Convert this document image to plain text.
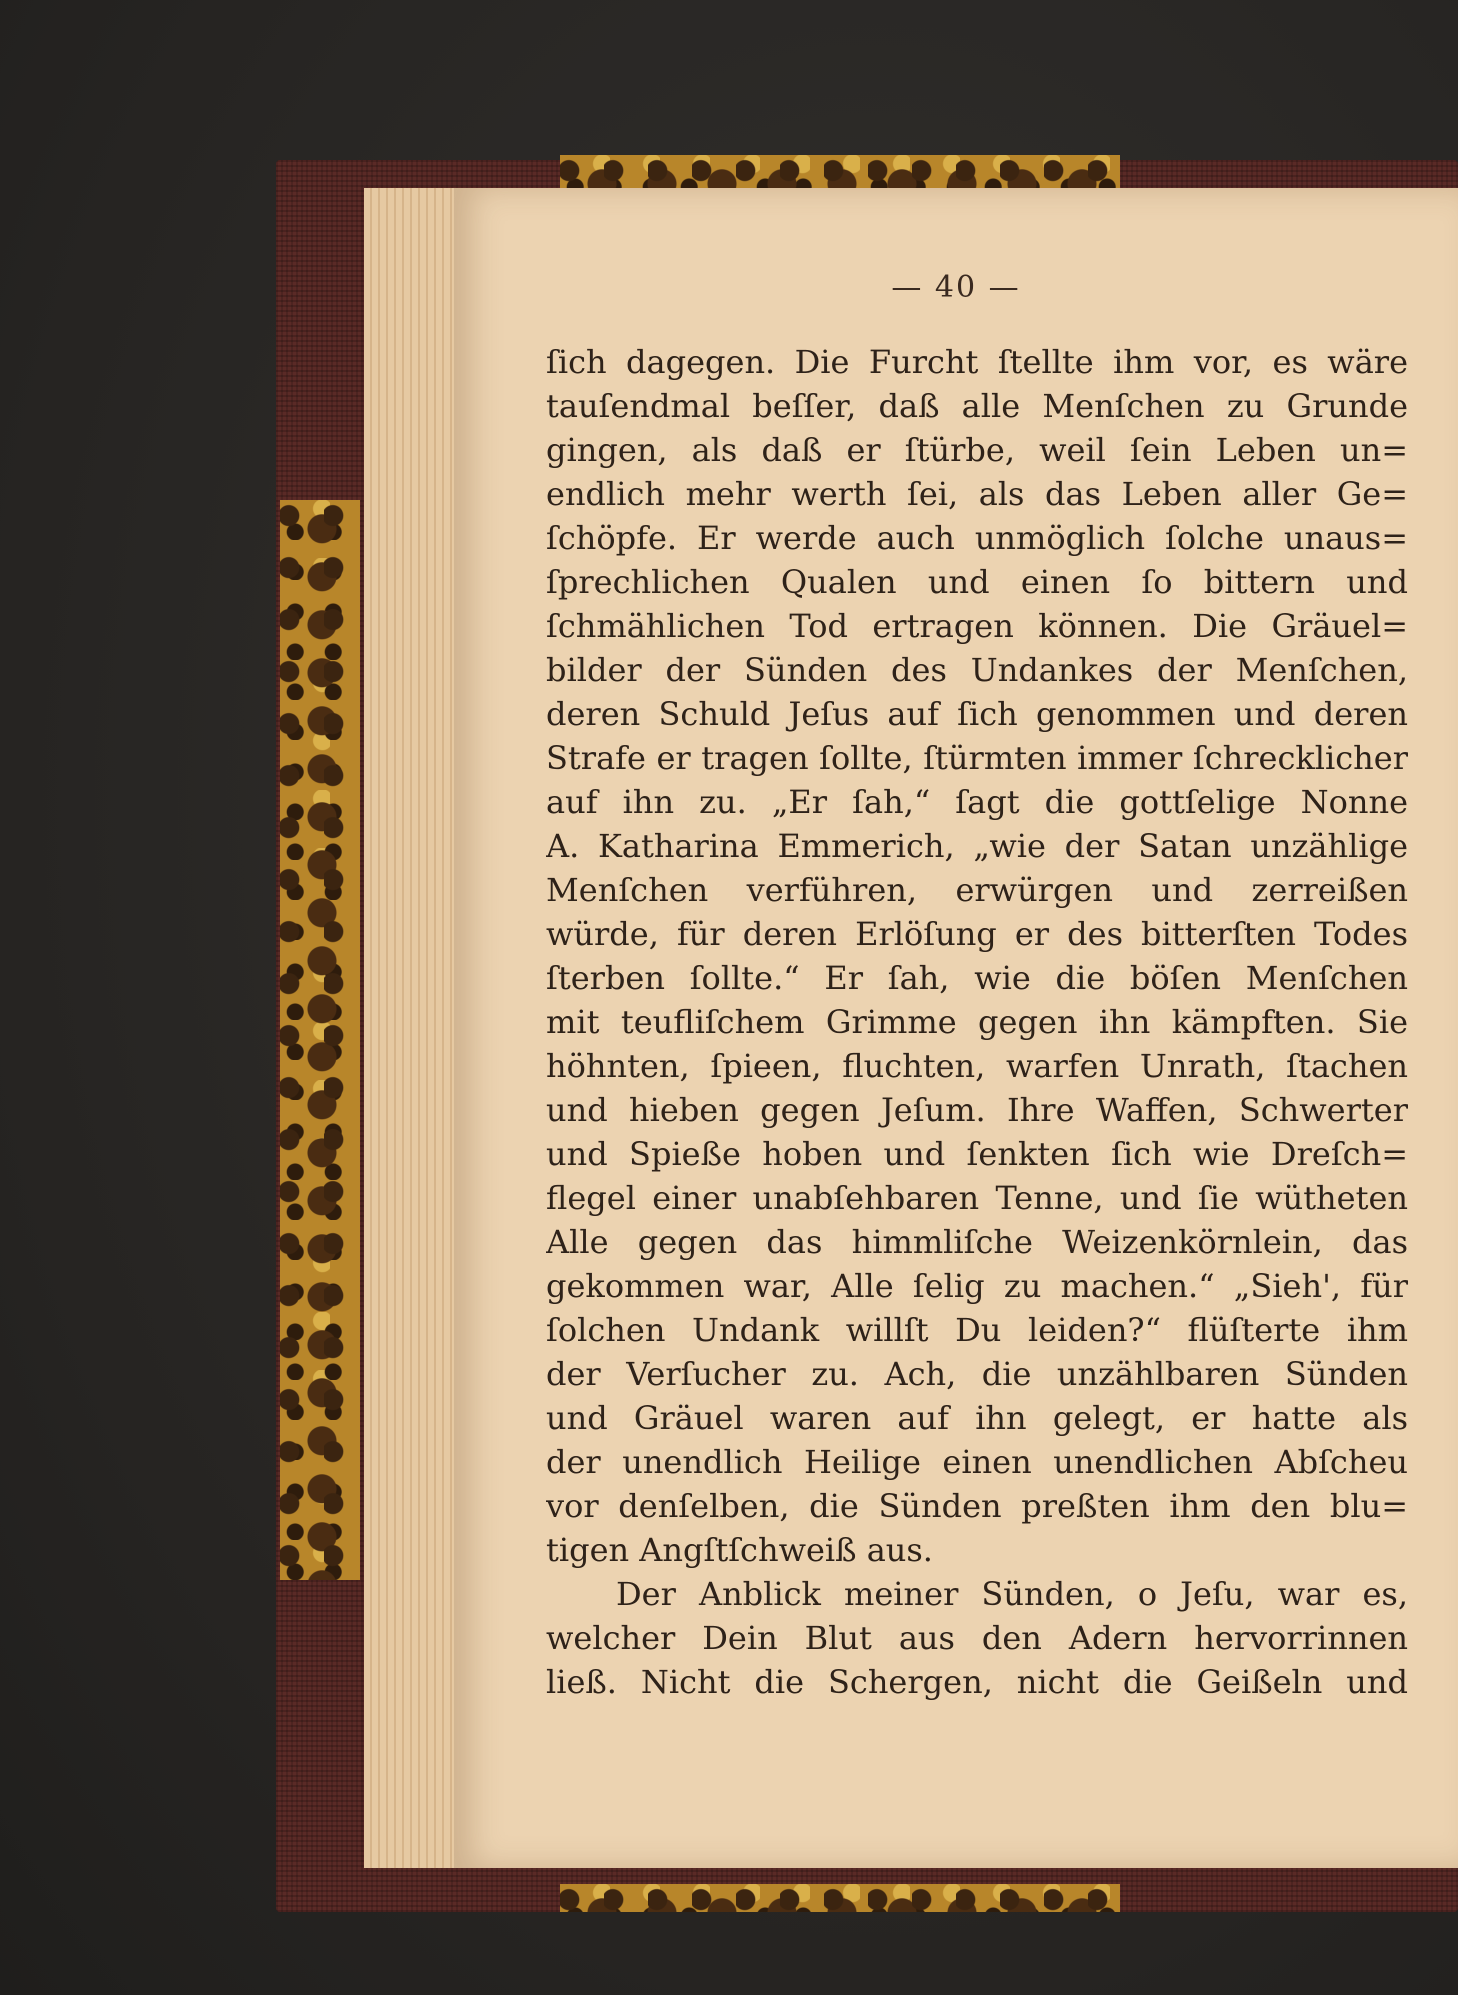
— 40 —
ſich dagegen. Die Furcht ſtellte ihm vor, es wäre
tauſendmal beſſer, daß alle Menſchen zu Grunde
gingen, als daß er ſtürbe, weil ſein Leben un=
endlich mehr werth ſei, als das Leben aller Ge=
ſchöpfe. Er werde auch unmöglich ſolche unaus=
ſprechlichen Qualen und einen ſo bittern und
ſchmählichen Tod ertragen können. Die Gräuel=
bilder der Sünden des Undankes der Menſchen,
deren Schuld Jeſus auf ſich genommen und deren
Strafe er tragen ſollte, ſtürmten immer ſchrecklicher
auf ihn zu. „Er ſah,“ ſagt die gottſelige Nonne
A. Katharina Emmerich, „wie der Satan unzählige
Menſchen verführen, erwürgen und zerreißen
würde, für deren Erlöſung er des bitterſten Todes
ſterben ſollte.“ Er ſah, wie die böſen Menſchen
mit teufliſchem Grimme gegen ihn kämpften. Sie
höhnten, ſpieen, fluchten, warfen Unrath, ſtachen
und hieben gegen Jeſum. Ihre Waffen, Schwerter
und Spieße hoben und ſenkten ſich wie Dreſch=
flegel einer unabſehbaren Tenne, und ſie wütheten
Alle gegen das himmliſche Weizenkörnlein, das
gekommen war, Alle ſelig zu machen.“ „Sieh', für
ſolchen Undank willſt Du leiden?“ flüſterte ihm
der Verſucher zu. Ach, die unzählbaren Sünden
und Gräuel waren auf ihn gelegt, er hatte als
der unendlich Heilige einen unendlichen Abſcheu
vor denſelben, die Sünden preßten ihm den blu=
tigen Angſtſchweiß aus.
Der Anblick meiner Sünden, o Jeſu, war es,
welcher Dein Blut aus den Adern hervorrinnen
ließ. Nicht die Schergen, nicht die Geißeln und
